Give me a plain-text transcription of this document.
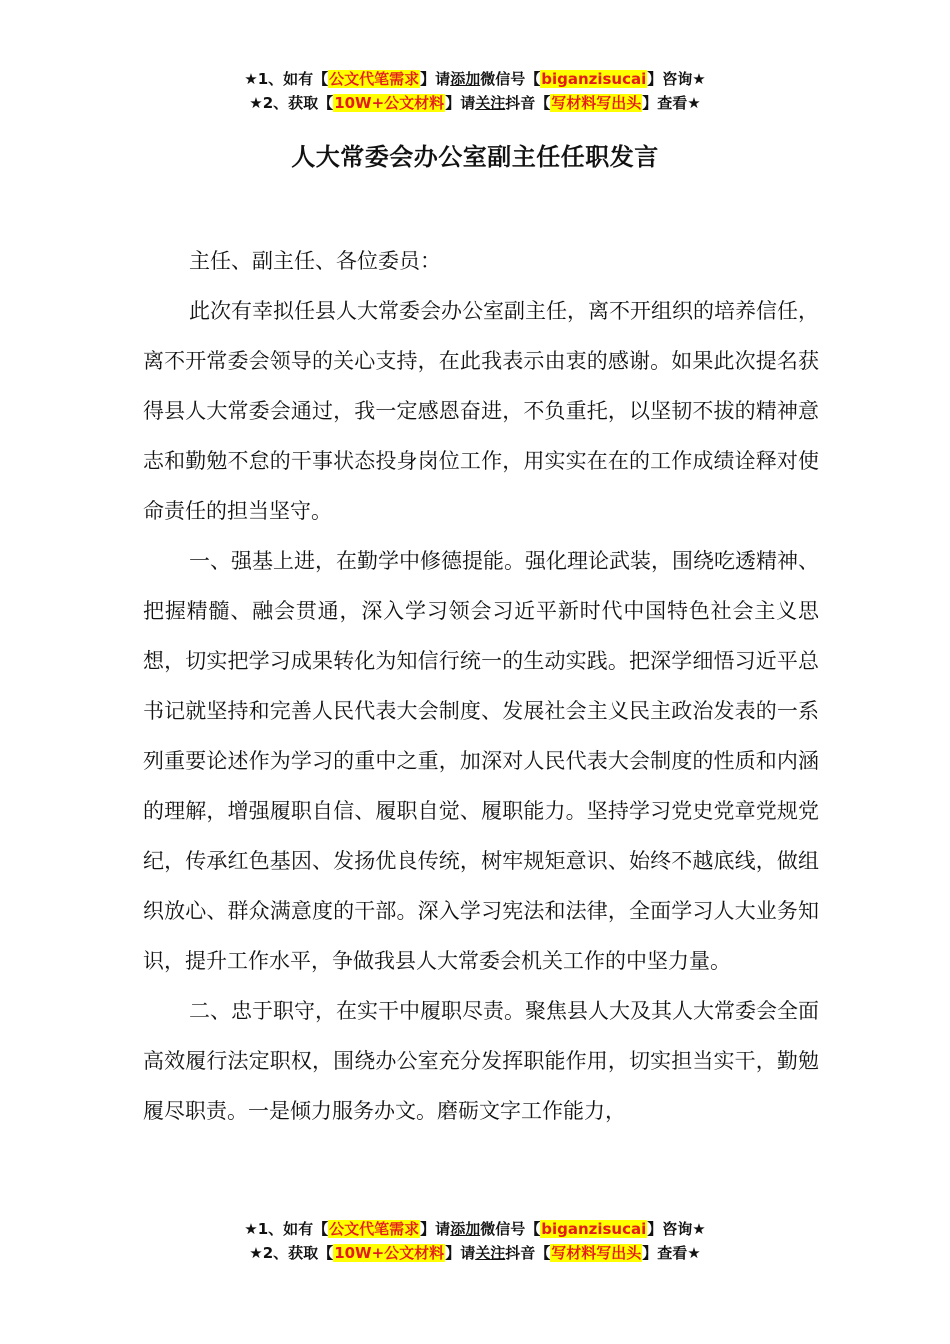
★1、如有【公文代笔需求】请添加微信号【biganzisucai】咨询★
★2、获取【10W+公文材料】请关注抖音【写材料写出头】查看★
人大常委会办公室副主任任职发言

主任、副主任、各位委员：

此次有幸拟任县人大常委会办公室副主任，离不开组织的培养信任，离不开常委会领导的关心支持，在此我表示由衷的感谢。如果此次提名获得县人大常委会通过，我一定感恩奋进，不负重托，以坚韧不拔的精神意志和勤勉不怠的干事状态投身岗位工作，用实实在在的工作成绩诠释对使命责任的担当坚守。

一、强基上进，在勤学中修德提能。强化理论武装，围绕吃透精神、把握精髓、融会贯通，深入学习领会习近平新时代中国特色社会主义思想，切实把学习成果转化为知信行统一的生动实践。把深学细悟习近平总书记就坚持和完善人民代表大会制度、发展社会主义民主政治发表的一系列重要论述作为学习的重中之重，加深对人民代表大会制度的性质和内涵的理解，增强履职自信、履职自觉、履职能力。坚持学习党史党章党规党纪，传承红色基因、发扬优良传统，树牢规矩意识、始终不越底线，做组织放心、群众满意度的干部。深入学习宪法和法律，全面学习人大业务知识，提升工作水平，争做我县人大常委会机关工作的中坚力量。

二、忠于职守，在实干中履职尽责。聚焦县人大及其人大常委会全面高效履行法定职权，围绕办公室充分发挥职能作用，切实担当实干，勤勉履尽职责。一是倾力服务办文。磨砺文字工作能力，

★1、如有【公文代笔需求】请添加微信号【biganzisucai】咨询★
★2、获取【10W+公文材料】请关注抖音【写材料写出头】查看★
